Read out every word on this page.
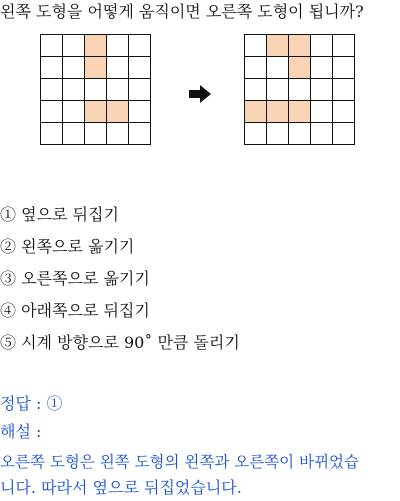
왼쪽 도형을 어떻게 움직이면 오른쪽 도형이 됩니까?
① 옆으로 뒤집기
② 왼쪽으로 옮기기
③ 오른쪽으로 옮기기
④ 아래쪽으로 뒤집기
⑤ 시계 방향으로 90˚ 만큼 돌리기
정답 : ①
해설 :
오른쪽 도형은 왼쪽 도형의 왼쪽과 오른쪽이 바뀌었습
니다. 따라서 옆으로 뒤집었습니다.
